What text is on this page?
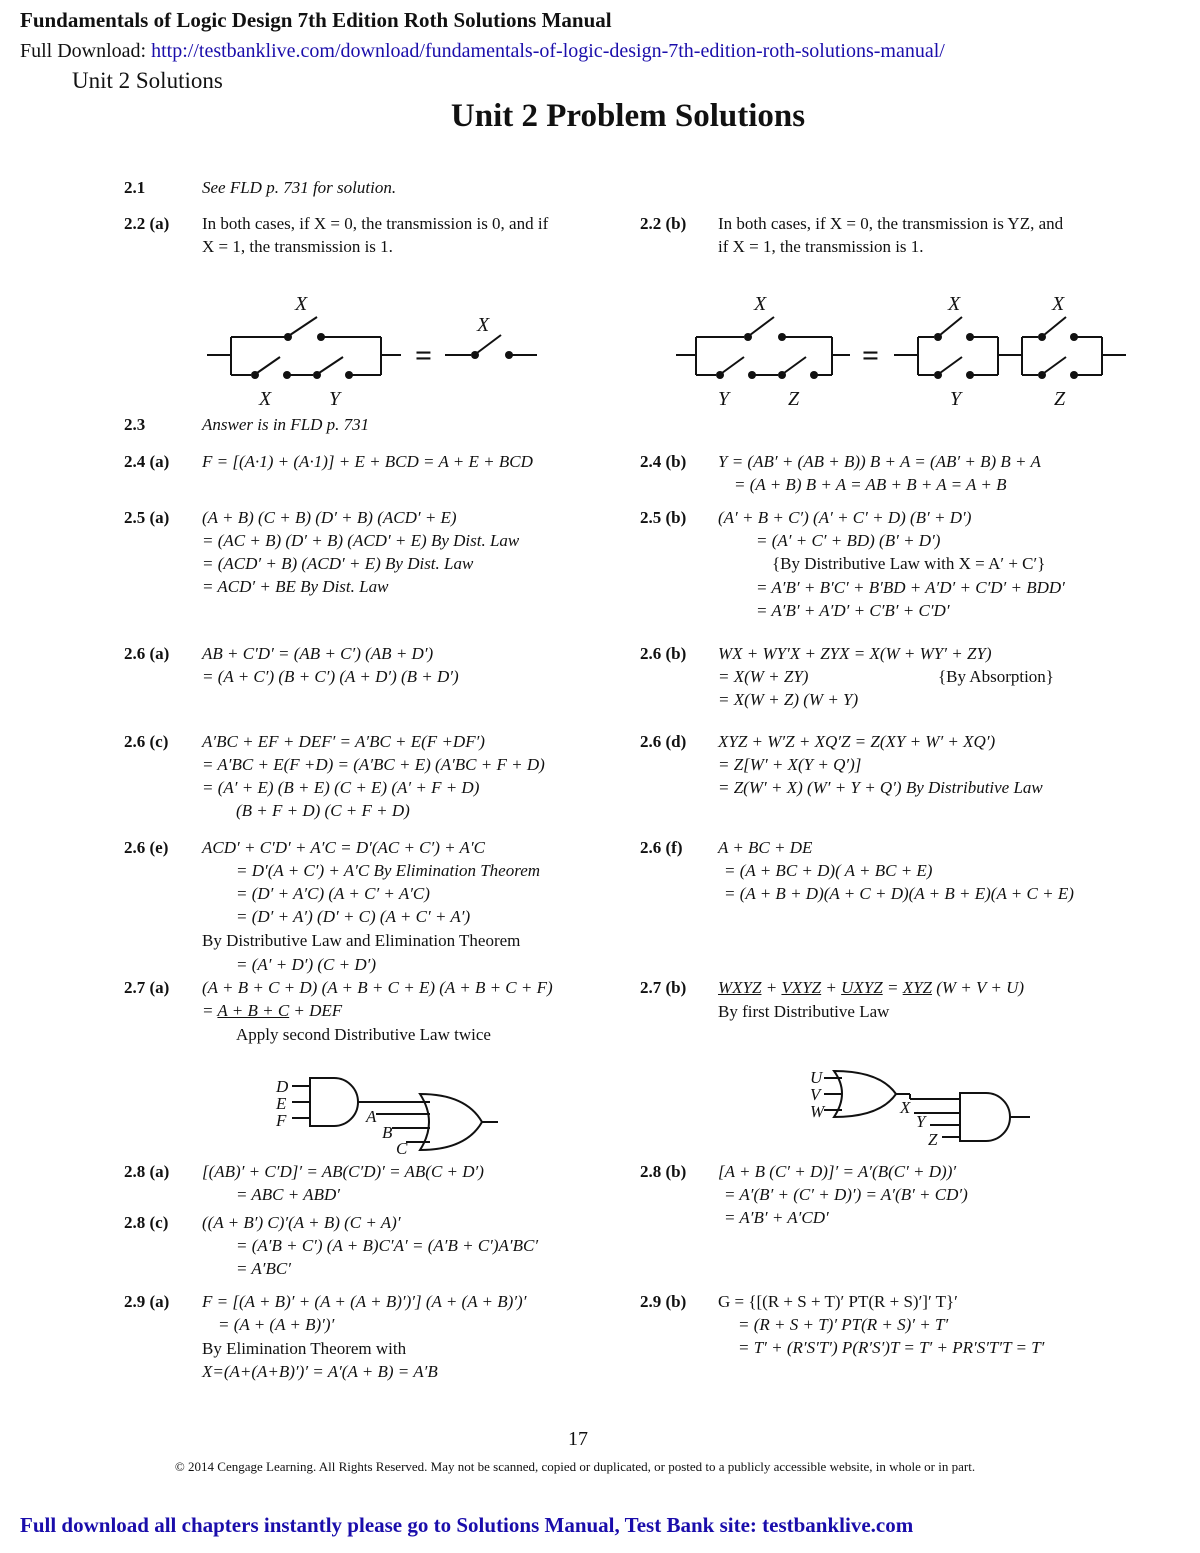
Fundamentals of Logic Design 7th Edition Roth Solutions Manual
Full Download: http://testbanklive.com/download/fundamentals-of-logic-design-7th-edition-roth-solutions-manual/
Unit 2 Solutions
Unit 2 Problem Solutions
2.1	See FLD p. 731 for solution.
2.2 (a) In both cases, if X = 0, the transmission is 0, and if
X = 1, the transmission is 1.
2.2 (b) In both cases, if X = 0, the transmission is YZ, and
if X = 1, the transmission is 1.
X
X	Y
=
X
X
Y	Z
=
X
Y
X
Z
2.3	Answer is in FLD p. 731
2.4 (a) F = [(A·1) + (A·1)] + E + BCD = A + E + BCD	2.4 (b) Y = (AB′ + (AB + B)) B + A = (AB′ + B) B + A
= (A + B) B + A = AB + B + A = A + B
2.5 (a) (A + B) (C + B) (D′ + B) (ACD′ + E)
= (AC + B) (D′ + B) (ACD′ + E) By Dist. Law
= (ACD′ + B) (ACD′ + E) By Dist. Law
= ACD′ + BE By Dist. Law
2.5 (b) (A′ + B + C′) (A′ + C′ + D) (B′ + D′)
= (A′ + C′ + BD) (B′ + D′)
{By Distributive Law with X = A′ + C′}
= A′B′ + B′C′ + B′BD + A′D′ + C′D′ + BDD′
= A′B′ + A′D′ + C′B′ + C′D′
2.6 (a) AB + C′D′ = (AB + C′) (AB + D′)
= (A + C′) (B + C′) (A + D′) (B + D′)
2.6 (b) WX + WY′X + ZYX = X(W + WY′ + ZY)
= X(W + ZY)	{By Absorption}
= X(W + Z) (W + Y)
2.6 (c) A′BC + EF + DEF′ = A′BC + E(F +DF′)
= A′BC + E(F +D) = (A′BC + E) (A′BC + F + D)
= (A′ + E) (B + E) (C + E) (A′ + F + D)
(B + F + D) (C + F + D)
2.6 (d) XYZ + W′Z + XQ′Z = Z(XY + W′ + XQ′)
= Z[W′ + X(Y + Q′)]
= Z(W′ + X) (W′ + Y + Q′) By Distributive Law
2.6 (e) ACD′ + C′D′ + A′C = D′(AC + C′) + A′C
= D′(A + C′) + A′C By Elimination Theorem
= (D′ + A′C) (A + C′ + A′C)
= (D′ + A′) (D′ + C) (A + C′ + A′)
By Distributive Law and Elimination Theorem
= (A′ + D′) (C + D′)
2.6 (f) A + BC + DE
= (A + BC + D)( A + BC + E)
= (A + B + D)(A + C + D)(A + B + E)(A + C + E)
2.7 (a) (A + B + C + D) (A + B + C + E) (A + B + C + F)
= A + B + C + DEF
Apply second Distributive Law twice
2.7 (b) WXYZ + VXYZ + UXYZ = XYZ (W + V + U)
By first Distributive Law
D
E
F	A
B
C
U
V
W	X
Y
Z
2.8 (a) [(AB)′ + C′D]′ = AB(C′D)′ = AB(C + D′)
= ABC + ABD′
2.8 (b) [A + B (C′ + D)]′ = A′(B(C′ + D))′
= A′(B′ + (C′ + D)′) = A′(B′ + CD′)
= A′B′ + A′CD′
2.8 (c) ((A + B′) C)′(A + B) (C + A)′
= (A′B + C′) (A + B)C′A′ = (A′B + C′)A′BC′
= A′BC′
2.9 (a) F = [(A + B)′ + (A + (A + B)′)′] (A + (A + B)′)′
= (A + (A + B)′)′
By Elimination Theorem with
X=(A+(A+B)′)′ = A′(A + B) = A′B
2.9 (b) G = {[(R + S + T)′ PT(R + S)′]′ T}′
= (R + S + T)′ PT(R + S)′ + T′
= T′ + (R′S′T′) P(R′S′)T = T′ + PR′S′T′T = T′
17
© 2014 Cengage Learning. All Rights Reserved. May not be scanned, copied or duplicated, or posted to a publicly accessible website, in whole or in part.
Full download all chapters instantly please go to Solutions Manual, Test Bank site: testbanklive.com
